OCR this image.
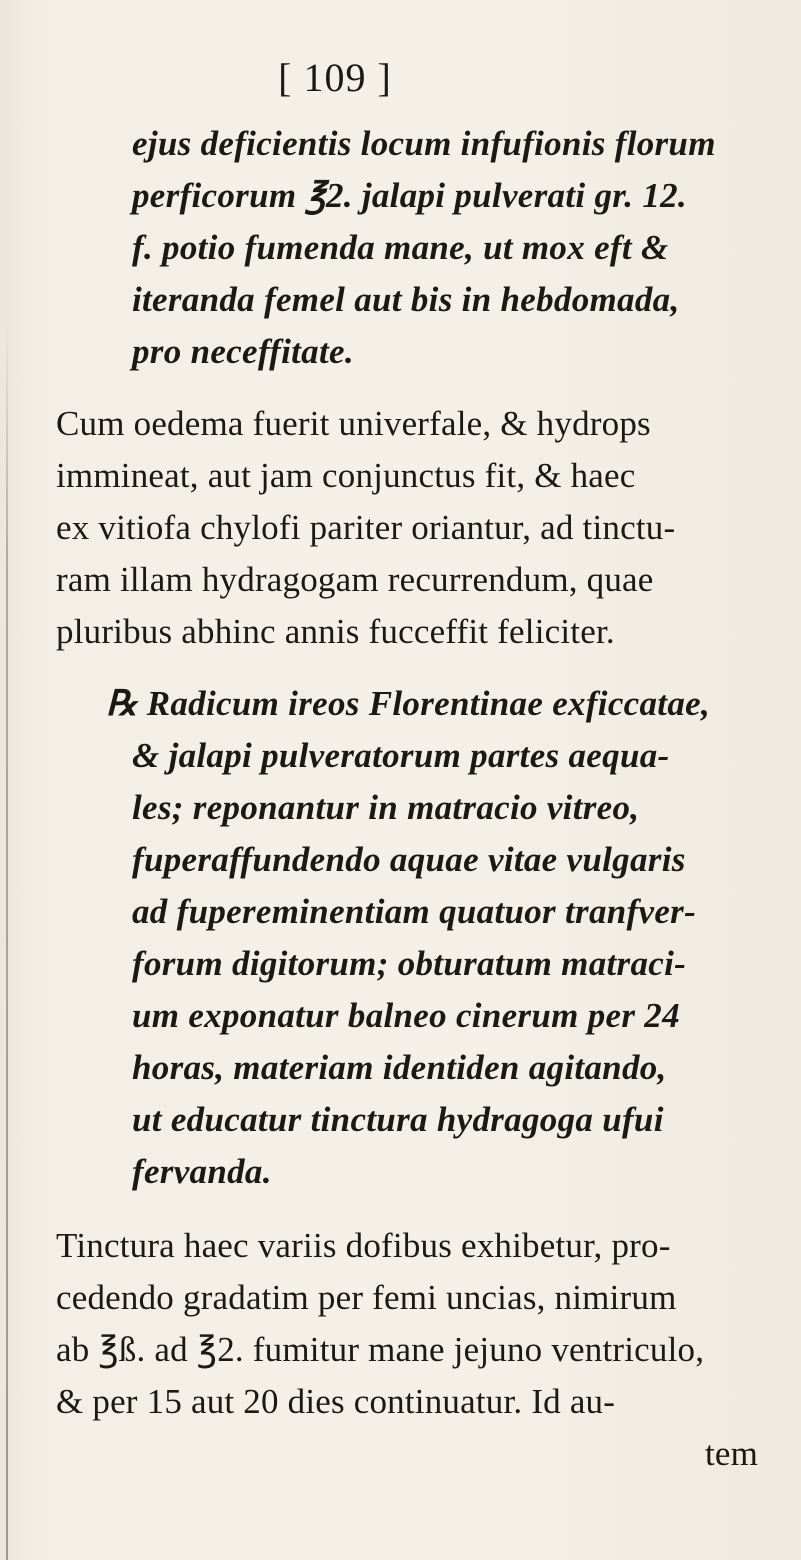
[ 109 ]
ejus deficientis locum infufionis florum
perficorum ℥2. jalapi pulverati gr. 12.
f. potio fumenda mane, ut mox eft &
iteranda femel aut bis in hebdomada,
pro neceffitate.
Cum oedema fuerit univerfale, & hydrops
immineat, aut jam conjunctus fit, & haec
ex vitiofa chylofi pariter oriantur, ad tinctu-
ram illam hydragogam recurrendum, quae
pluribus abhinc annis fucceffit feliciter.
℞ Radicum ireos Florentinae exficcatae,
& jalapi pulveratorum partes aequa-
les; reponantur in matracio vitreo,
fuperaffundendo aquae vitae vulgaris
ad fupereminentiam quatuor tranfver-
forum digitorum; obturatum matraci-
um exponatur balneo cinerum per 24
horas, materiam identiden agitando,
ut educatur tinctura hydragoga ufui
fervanda.
Tinctura haec variis dofibus exhibetur, pro-
cedendo gradatim per femi uncias, nimirum
ab ℥ß. ad ℥2. fumitur mane jejuno ventriculo,
& per 15 aut 20 dies continuatur. Id au-
tem
